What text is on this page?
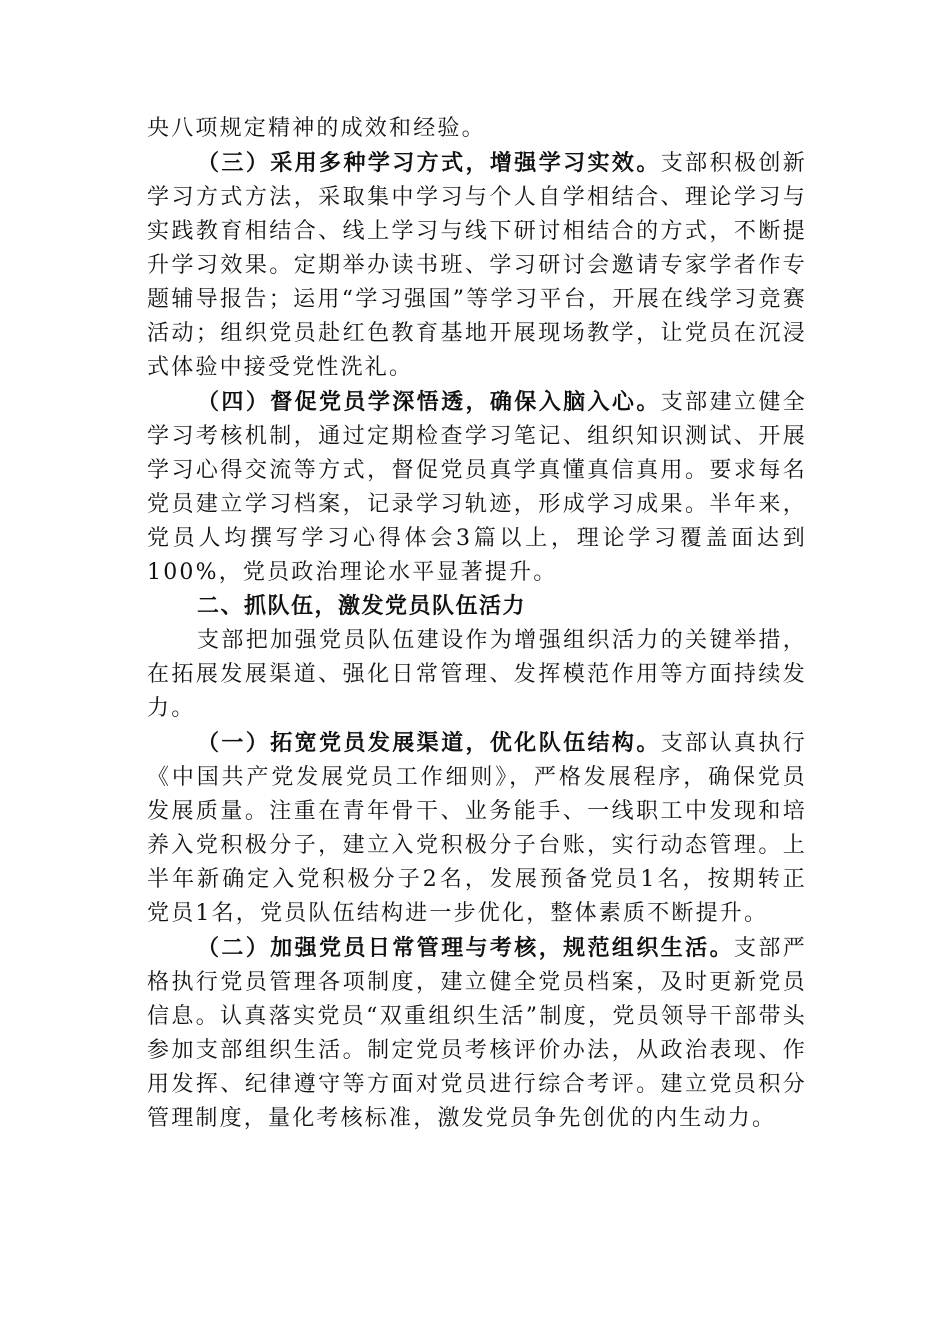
央八项规定精神的成效和经验。

（三）采用多种学习方式，增强学习实效。支部积极创新学习方式方法，采取集中学习与个人自学相结合、理论学习与实践教育相结合、线上学习与线下研讨相结合的方式，不断提升学习效果。定期举办读书班、学习研讨会邀请专家学者作专题辅导报告；运用“学习强国”等学习平台，开展在线学习竞赛活动；组织党员赴红色教育基地开展现场教学，让党员在沉浸式体验中接受党性洗礼。

（四）督促党员学深悟透，确保入脑入心。支部建立健全学习考核机制，通过定期检查学习笔记、组织知识测试、开展学习心得交流等方式，督促党员真学真懂真信真用。要求每名党员建立学习档案，记录学习轨迹，形成学习成果。半年来，党员人均撰写学习心得体会3篇以上，理论学习覆盖面达到100%，党员政治理论水平显著提升。

二、抓队伍，激发党员队伍活力

支部把加强党员队伍建设作为增强组织活力的关键举措，在拓展发展渠道、强化日常管理、发挥模范作用等方面持续发力。

（一）拓宽党员发展渠道，优化队伍结构。支部认真执行《中国共产党发展党员工作细则》，严格发展程序，确保党员发展质量。注重在青年骨干、业务能手、一线职工中发现和培养入党积极分子，建立入党积极分子台账，实行动态管理。上半年新确定入党积极分子2名，发展预备党员1名，按期转正党员1名，党员队伍结构进一步优化，整体素质不断提升。

（二）加强党员日常管理与考核，规范组织生活。支部严格执行党员管理各项制度，建立健全党员档案，及时更新党员信息。认真落实党员“双重组织生活”制度，党员领导干部带头参加支部组织生活。制定党员考核评价办法，从政治表现、作用发挥、纪律遵守等方面对党员进行综合考评。建立党员积分管理制度，量化考核标准，激发党员争先创优的内生动力。
